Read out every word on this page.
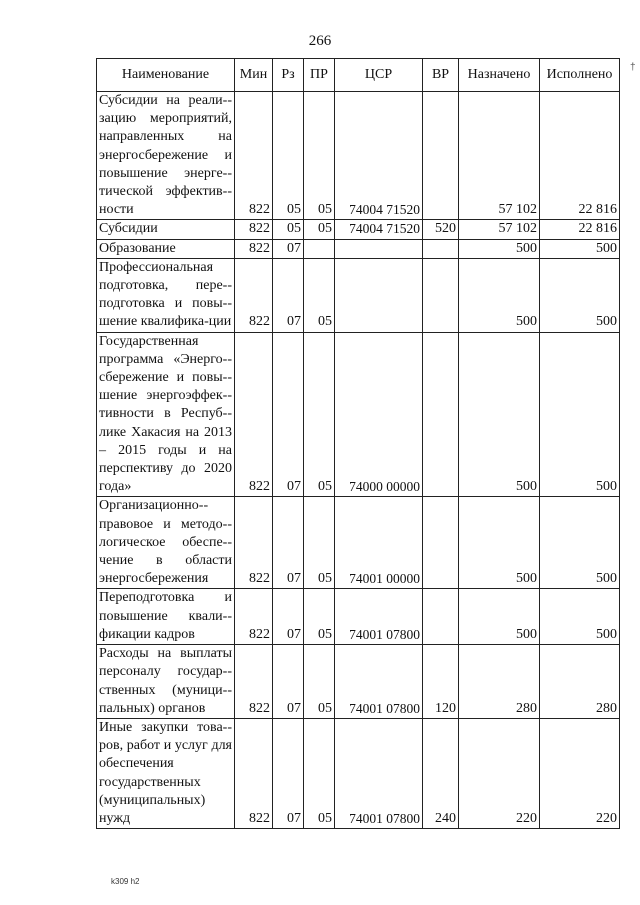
266
†
Наименование	Мин	Рз	ПР	ЦСР	ВР	Назначено	Исполнено
Субсидии на реали-зацию мероприятий, направленных на энергосбережение и повышение энерге-тической эффектив-ности	822	05	05	74004 71520		57 102	22 816
Субсидии	822	05	05	74004 71520	520	57 102	22 816
Образование	822	07				500	500
Профессиональная подготовка, пере-подготовка и повы-шение квалифика-ции	822	07	05			500	500
Государственная программа «Энерго-сбережение и повы-шение энергоэффек-тивности в Респуб-лике Хакасия на 2013 – 2015 годы и на перспективу до 2020 года»	822	07	05	74000 00000		500	500
Организационно-правовое и методо-логическое обеспе-чение в области энергосбережения	822	07	05	74001 00000		500	500
Переподготовка и повышение квали-фикации кадров	822	07	05	74001 07800		500	500
Расходы на выплаты персоналу государ-ственных (муници-пальных) органов	822	07	05	74001 07800	120	280	280
Иные закупки това-ров, работ и услуг для обеспечения государственных (муниципальных) нужд	822	07	05	74001 07800	240	220	220
k309 h2
